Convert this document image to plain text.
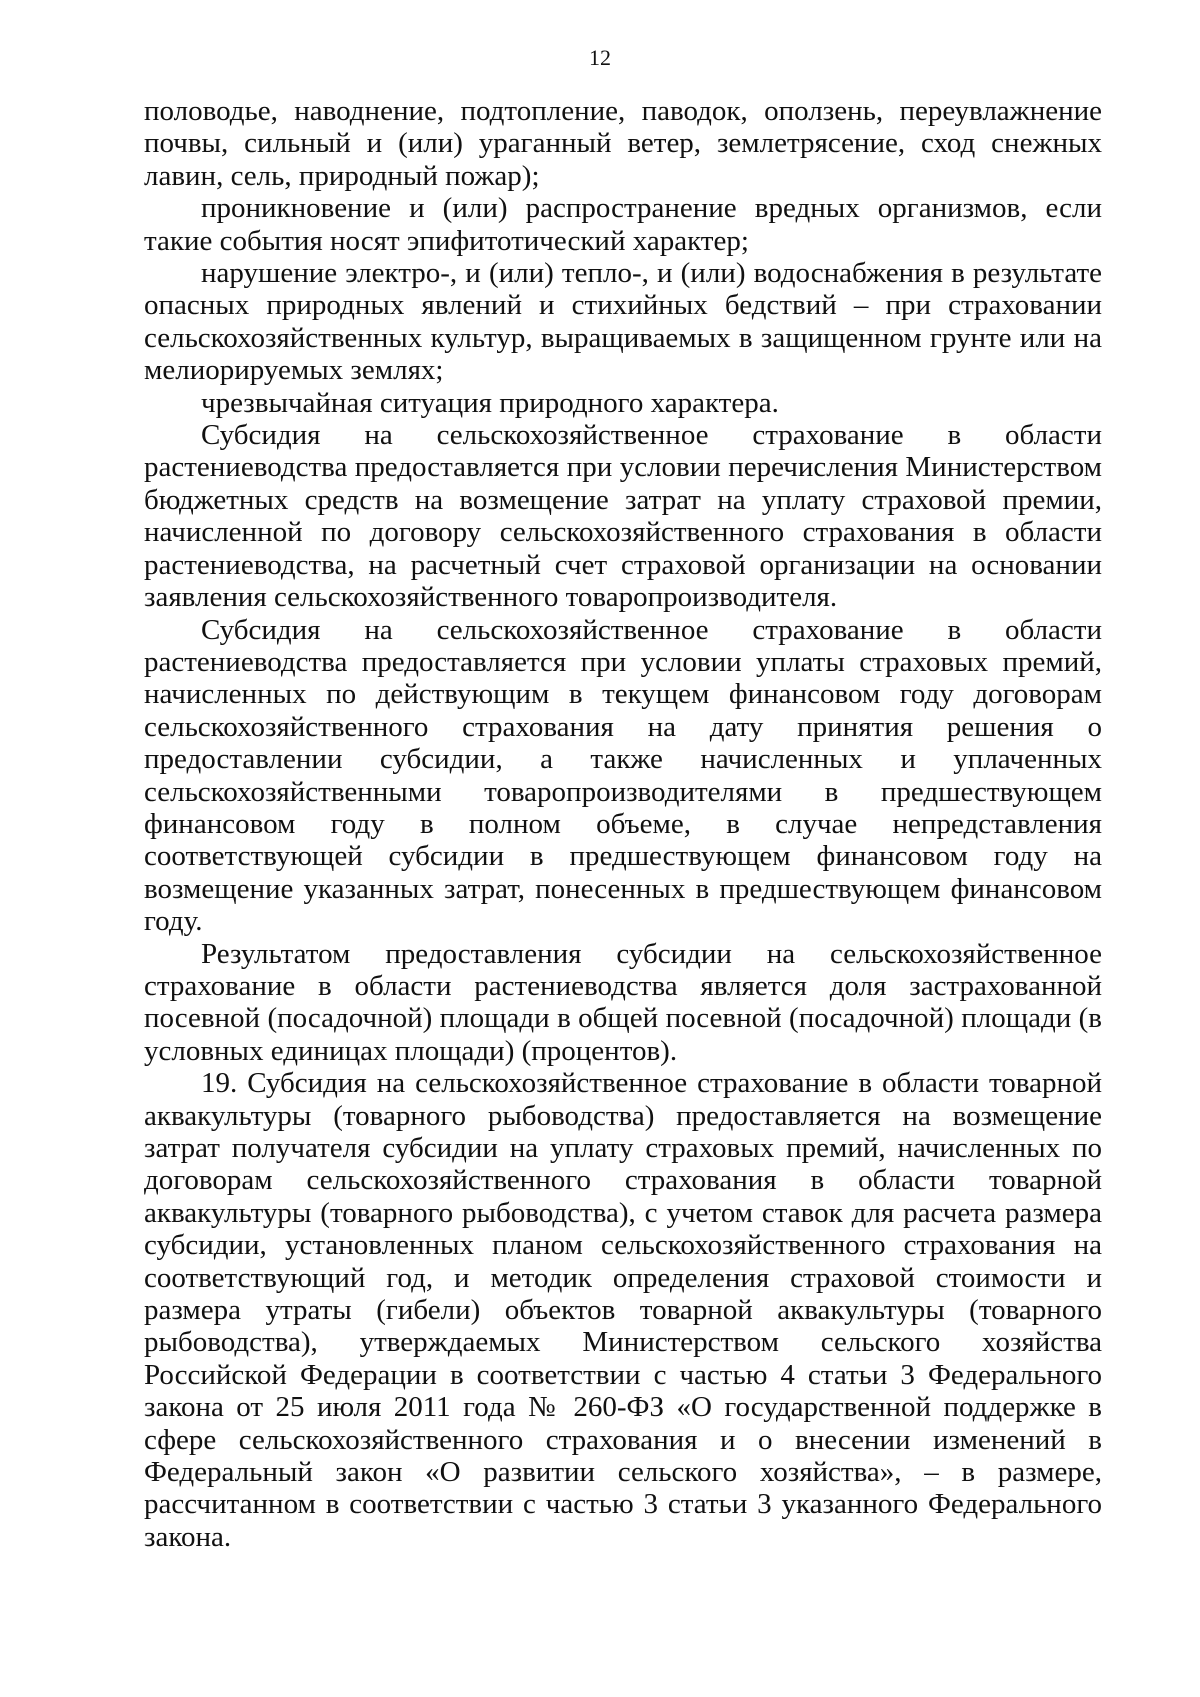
12

половодье, наводнение, подтопление, паводок, оползень, переувлажнение почвы, сильный и (или) ураганный ветер, землетрясение, сход снежных лавин, сель, природный пожар);

проникновение и (или) распространение вредных организмов, если такие события носят эпифитотический характер;

нарушение электро-, и (или) тепло-, и (или) водоснабжения в результате опасных природных явлений и стихийных бедствий – при страховании сельскохозяйственных культур, выращиваемых в защищенном грунте или на мелиорируемых землях;

чрезвычайная ситуация природного характера.

Субсидия на сельскохозяйственное страхование в области растениеводства предоставляется при условии перечисления Министерством бюджетных средств на возмещение затрат на уплату страховой премии, начисленной по договору сельскохозяйственного страхования в области растениеводства, на расчетный счет страховой организации на основании заявления сельскохозяйственного товаропроизводителя.

Субсидия на сельскохозяйственное страхование в области растениеводства предоставляется при условии уплаты страховых премий, начисленных по действующим в текущем финансовом году договорам сельскохозяйственного страхования на дату принятия решения о предоставлении субсидии, а также начисленных и уплаченных сельскохозяйственными товаропроизводителями в предшествующем финансовом году в полном объеме, в случае непредставления соответствующей субсидии в предшествующем финансовом году на возмещение указанных затрат, понесенных в предшествующем финансовом году.

Результатом предоставления субсидии на сельскохозяйственное страхование в области растениеводства является доля застрахованной посевной (посадочной) площади в общей посевной (посадочной) площади (в условных единицах площади) (процентов).

19. Субсидия на сельскохозяйственное страхование в области товарной аквакультуры (товарного рыбоводства) предоставляется на возмещение затрат получателя субсидии на уплату страховых премий, начисленных по договорам сельскохозяйственного страхования в области товарной аквакультуры (товарного рыбоводства), с учетом ставок для расчета размера субсидии, установленных планом сельскохозяйственного страхования на соответствующий год, и методик определения страховой стоимости и размера утраты (гибели) объектов товарной аквакультуры (товарного рыбоводства), утверждаемых Министерством сельского хозяйства Российской Федерации в соответствии с частью 4 статьи 3 Федерального закона от 25 июля 2011 года № 260-ФЗ «О государственной поддержке в сфере сельскохозяйственного страхования и о внесении изменений в Федеральный закон «О развитии сельского хозяйства», – в размере, рассчитанном в соответствии с частью 3 статьи 3 указанного Федерального закона.
